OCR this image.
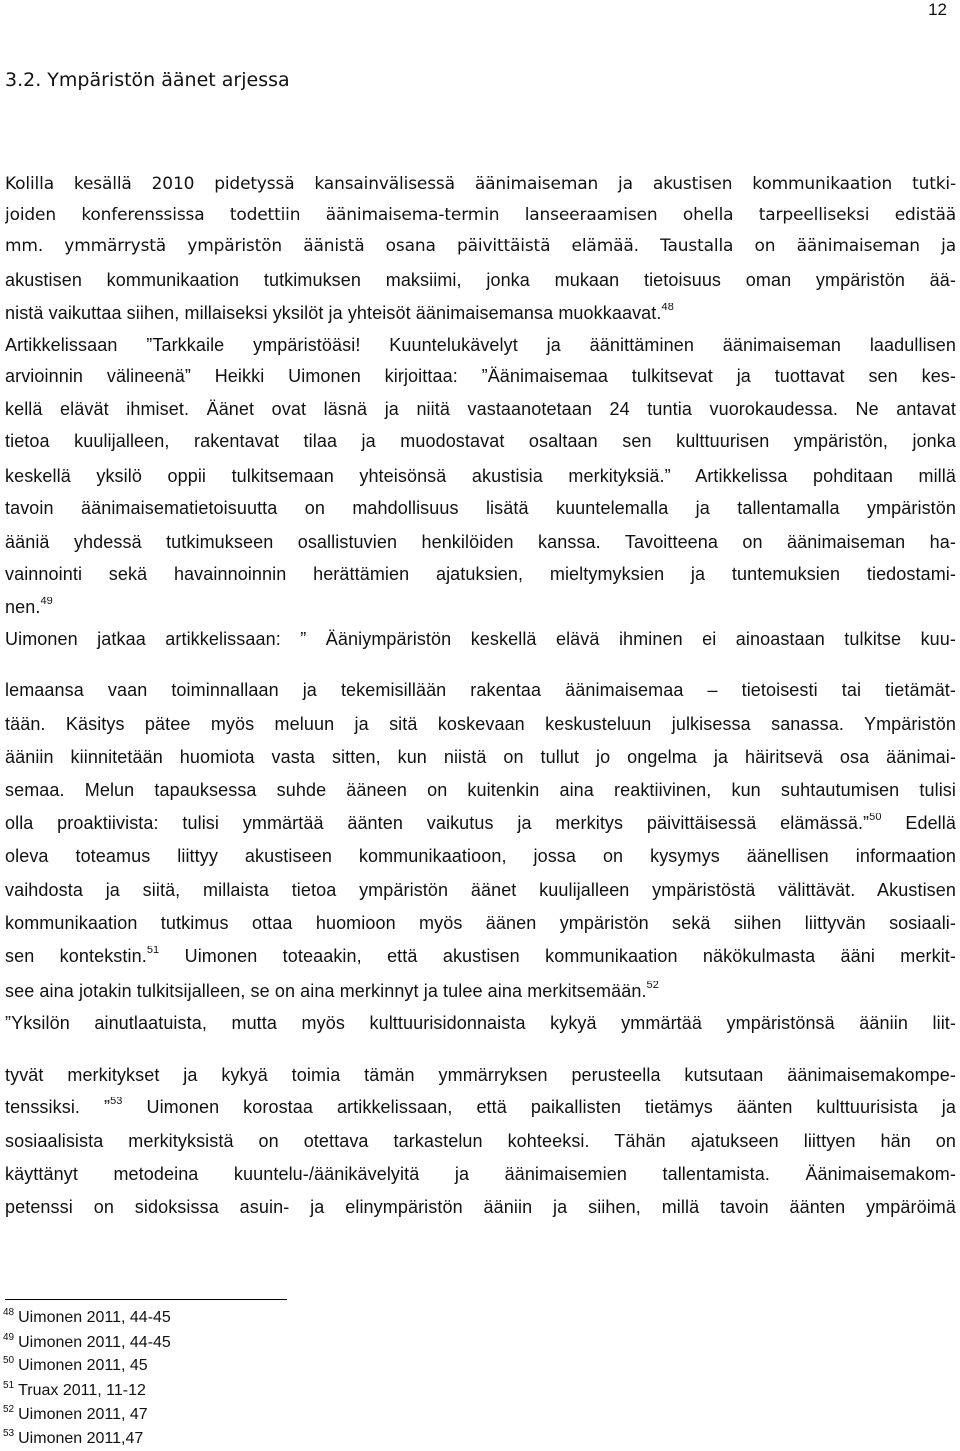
12
3.2. Ympäristön äänet arjessa
Kolilla kesällä 2010 pidetyssä kansainvälisessä äänimaiseman ja akustisen kommunikaation tutki-
joiden konferenssissa todettiin äänimaisema-termin lanseeraamisen ohella tarpeelliseksi edistää
mm. ymmärrystä ympäristön äänistä osana päivittäistä elämää. Taustalla on äänimaiseman ja
akustisen kommunikaation tutkimuksen maksiimi, jonka mukaan tietoisuus oman ympäristön ää-
nistä vaikuttaa siihen, millaiseksi yksilöt ja yhteisöt äänimaisemansa muokkaavat.$^{48}$
Artikkelissaan ”Tarkkaile ympäristöäsi! Kuuntelukävelyt ja äänittäminen äänimaiseman laadullisen
arvioinnin välineenä” Heikki Uimonen kirjoittaa: ”Äänimaisemaa tulkitsevat ja tuottavat sen kes-
kellä elävät ihmiset. Äänet ovat läsnä ja niitä vastaanotetaan 24 tuntia vuorokaudessa. Ne antavat
tietoa kuulijalleen, rakentavat tilaa ja muodostavat osaltaan sen kulttuurisen ympäristön, jonka
keskellä yksilö oppii tulkitsemaan yhteisönsä akustisia merkityksiä.” Artikkelissa pohditaan millä
tavoin äänimaisematietoisuutta on mahdollisuus lisätä kuuntelemalla ja tallentamalla ympäristön
ääniä yhdessä tutkimukseen osallistuvien henkilöiden kanssa. Tavoitteena on äänimaiseman ha-
vainnointi sekä havainnoinnin herättämien ajatuksien, mieltymyksien ja tuntemuksien tiedostami-
nen.$^{49}$
Uimonen jatkaa artikkelissaan: ” Ääniympäristön keskellä elävä ihminen ei ainoastaan tulkitse kuu-
lemaansa vaan toiminnallaan ja tekemisillään rakentaa äänimaisemaa – tietoisesti tai tietämät-
tään. Käsitys pätee myös meluun ja sitä koskevaan keskusteluun julkisessa sanassa. Ympäristön
ääniin kiinnitetään huomiota vasta sitten, kun niistä on tullut jo ongelma ja häiritsevä osa äänimai-
semaa. Melun tapauksessa suhde ääneen on kuitenkin aina reaktiivinen, kun suhtautumisen tulisi
olla proaktiivista: tulisi ymmärtää äänten vaikutus ja merkitys päivittäisessä elämässä.”$^{50}$ Edellä
oleva toteamus liittyy akustiseen kommunikaatioon, jossa on kysymys äänellisen informaation
vaihdosta ja siitä, millaista tietoa ympäristön äänet kuulijalleen ympäristöstä välittävät. Akustisen
kommunikaation tutkimus ottaa huomioon myös äänen ympäristön sekä siihen liittyvän sosiaali-
sen kontekstin.$^{51}$ Uimonen toteaakin, että akustisen kommunikaation näkökulmasta ääni merkit-
see aina jotakin tulkitsijalleen, se on aina merkinnyt ja tulee aina merkitsemään.$^{52}$
”Yksilön ainutlaatuista, mutta myös kulttuurisidonnaista kykyä ymmärtää ympäristönsä ääniin liit-
tyvät merkitykset ja kykyä toimia tämän ymmärryksen perusteella kutsutaan äänimaisemakompe-
tenssiksi. ”$^{53}$ Uimonen korostaa artikkelissaan, että paikallisten tietämys äänten kulttuurisista ja
sosiaalisista merkityksistä on otettava tarkastelun kohteeksi. Tähän ajatukseen liittyen hän on
käyttänyt metodeina kuuntelu-/äänikävelyitä ja äänimaisemien tallentamista. Äänimaisemakom-
petenssi on sidoksissa asuin- ja elinympäristön ääniin ja siihen, millä tavoin äänten ympäröimä
$^{48}$ Uimonen 2011, 44-45
$^{49}$ Uimonen 2011, 44-45
$^{50}$ Uimonen 2011, 45
$^{51}$ Truax 2011, 11-12
$^{52}$ Uimonen 2011, 47
$^{53}$ Uimonen 2011,47
